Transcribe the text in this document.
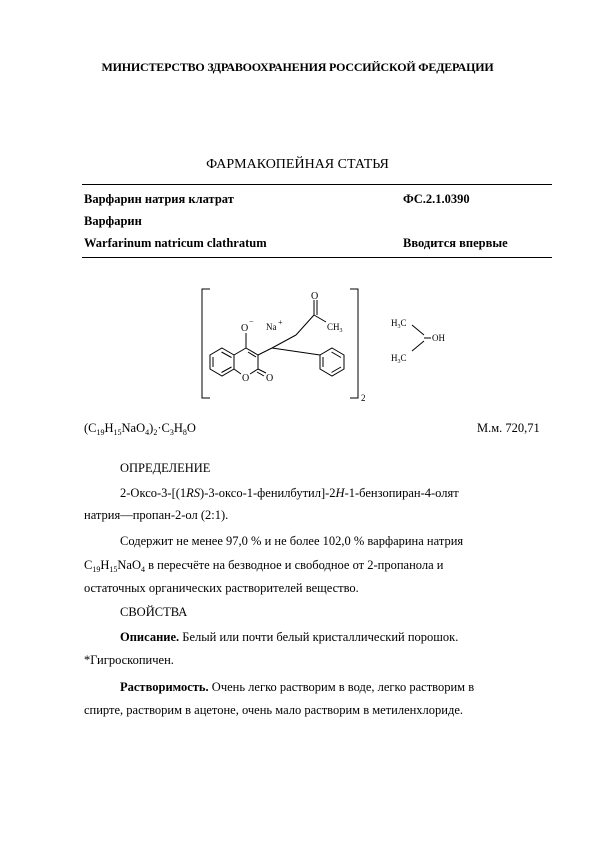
МИНИСТЕРСТВО ЗДРАВООХРАНЕНИЯ РОССИЙСКОЙ ФЕДЕРАЦИИ
ФАРМАКОПЕЙНАЯ СТАТЬЯ
Варфарин натрия клатрат	ФС.2.1.0390
Варфарин
Warfarinum natricum clathratum	Вводится впервые
O
−
Na +
O O
O
$CH_3$
2
$H_3C$
$H_3C$
OH
$(C_{19}H_{15}NaO_4)_2\cdot C_3H_8O$	М.м. 720,71
ОПРЕДЕЛЕНИЕ
2-Оксо-3-[(1RS)-3-оксо-1-фенилбутил]-2H-1-бензопиран-4-олят
натрия—пропан-2-ол (2:1).
Содержит не менее 97,0 % и не более 102,0 % варфарина натрия
$C_{19}H_{15}NaO_4$ в пересчёте на безводное и свободное от 2-пропанола и
остаточных органических растворителей вещество.
СВОЙСТВА
Описание. Белый или почти белый кристаллический порошок.
*Гигроскопичен.
Растворимость. Очень легко растворим в воде, легко растворим в
спирте, растворим в ацетоне, очень мало растворим в метиленхлориде.
